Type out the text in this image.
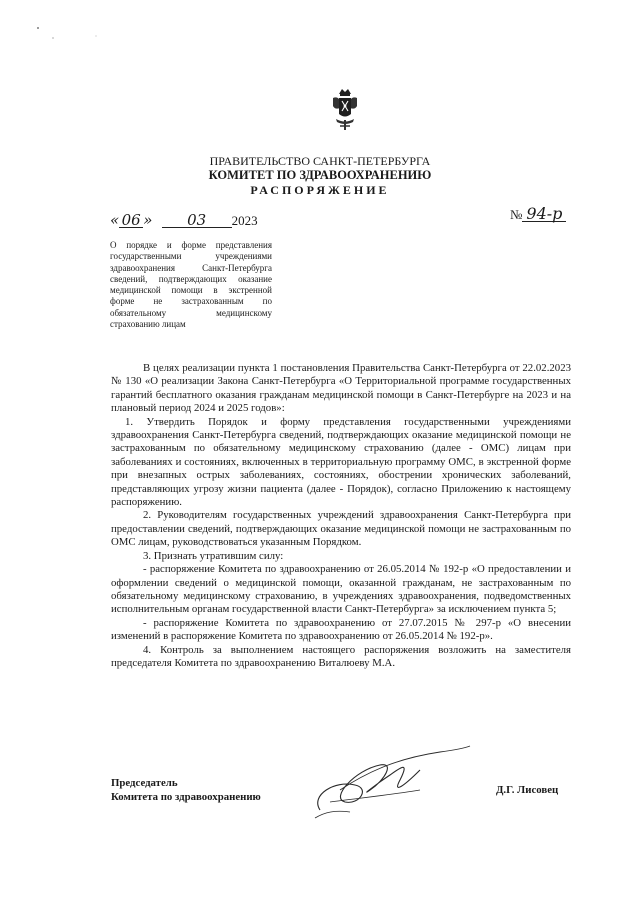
ПРАВИТЕЛЬСТВО САНКТ-ПЕТЕРБУРГА
КОМИТЕТ ПО ЗДРАВООХРАНЕНИЮ
РАСПОРЯЖЕНИЕ
« 06 » 03 2023	№ 94-р
О порядке и форме представления государственными учреждениями здравоохранения Санкт-Петербурга сведений, подтверждающих оказание медицинской помощи в экстренной форме не застрахованным по обязательному медицинскому страхованию лицам

В целях реализации пункта 1 постановления Правительства Санкт-Петербурга от 22.02.2023 № 130 «О реализации Закона Санкт-Петербурга «О Территориальной программе государственных гарантий бесплатного оказания гражданам медицинской помощи в Санкт-Петербурге на 2023 и на плановый период 2024 и 2025 годов»:

1. Утвердить Порядок и форму представления государственными учреждениями здравоохранения Санкт-Петербурга сведений, подтверждающих оказание медицинской помощи не застрахованным по обязательному медицинскому страхованию (далее - ОМС) лицам при заболеваниях и состояниях, включенных в территориальную программу ОМС, в экстренной форме при внезапных острых заболеваниях, состояниях, обострении хронических заболеваний, представляющих угрозу жизни пациента (далее - Порядок), согласно Приложению к настоящему распоряжению.

2. Руководителям государственных учреждений здравоохранения Санкт-Петербурга при предоставлении сведений, подтверждающих оказание медицинской помощи не застрахованным по ОМС лицам, руководствоваться указанным Порядком.

3. Признать утратившим силу:

- распоряжение Комитета по здравоохранению от 26.05.2014 № 192-р «О предоставлении и оформлении сведений о медицинской помощи, оказанной гражданам, не застрахованным по обязательному медицинскому страхованию, в учреждениях здравоохранения, подведомственных исполнительным органам государственной власти Санкт-Петербурга» за исключением пункта 5;

- распоряжение Комитета по здравоохранению от 27.07.2015 № 297-р «О внесении изменений в распоряжение Комитета по здравоохранению от 26.05.2014 № 192-р».

4. Контроль за выполнением настоящего распоряжения возложить на заместителя председателя Комитета по здравоохранению Виталюеву М.А.

Председатель
Комитета по здравоохранению
Д.Г. Лисовец
